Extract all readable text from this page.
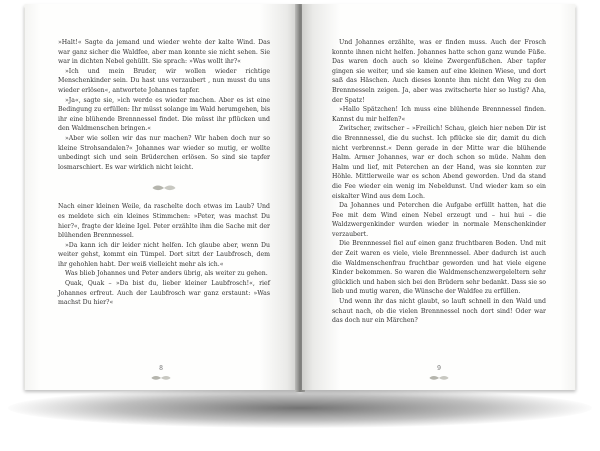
»Halt!« Sagte da jemand und wieder wehte der kalte Wind. Das war ganz sicher die Waldfee, aber man konnte sie nicht sehen. Sie war in dichten Nebel gehüllt. Sie sprach: »Was wollt ihr?«

»Ich und mein Bruder, wir wollen wieder richtige Menschenkinder sein. Du hast uns verzaubert , nun musst du uns wieder erlösen«, antwortete Johannes tapfer.

»Ja«, sagte sie, »ich werde es wieder machen. Aber es ist eine Bedingung zu erfüllen: Ihr müsst solange im Wald herumgehen, bis ihr eine blühende Brennnessel findet. Die müsst ihr pflücken und den Waldmenschen bringen.«

»Aber wie sollen wir das nur machen? Wir haben doch nur so kleine Strohsandalen?« Johannes war wieder so mutig, er wollte unbedingt sich und sein Brüderchen erlösen. So sind sie tapfer losmarschiert. Es war wirklich nicht leicht.

Nach einer kleinen Weile, da raschelte doch etwas im Laub? Und es meldete sich ein kleines Stimmchen: »Peter, was machst Du hier?«, fragte der kleine Igel. Peter erzählte ihm die Sache mit der blühenden Brennnessel.

»Da kann ich dir leider nicht helfen. Ich glaube aber, wenn Du weiter gehst, kommt ein Tümpel. Dort sitzt der Laubfrosch, dem ihr gehohlen habt. Der weiß vielleicht mehr als ich.«

Was blieb Johannes und Peter anders übrig, als weiter zu gehen.

Quak, Quak – »Da bist du, lieber kleiner Laubfrosch!«, rief Johannes erfreut. Auch der Laubfrosch war ganz erstaunt: »Was machst Du hier?«

8

Und Johannes erzählte, was er finden muss. Auch der Frosch konnte ihnen nicht helfen. Johannes hatte schon ganz wunde Füße. Das waren doch auch so kleine Zwergenfüßchen. Aber tapfer gingen sie weiter, und sie kamen auf eine kleinen Wiese, und dort saß das Häschen. Auch dieses konnte ihm nicht den Weg zu den Brennnesseln zeigen. Ja, aber was zwitscherte hier so lustig? Aha, der Spatz!

»Hallo Spätzchen! Ich muss eine blühende Brennnessel finden. Kannst du mir helfen?«

Zwitscher, zwitscher – »Freilich! Schau, gleich hier neben Dir ist die Brennnessel, die du suchst. Ich pflücke sie dir, damit du dich nicht verbrennst.« Denn gerade in der Mitte war die blühende Halm. Armer Johannes, war er doch schon so müde. Nahm den Halm und lief, mit Peterchen an der Hand, was sie konnten zur Höhle. Mittlerweile war es schon Abend geworden. Und da stand die Fee wieder ein wenig im Nebeldunst. Und wieder kam so ein eiskalter Wind aus dem Loch.

Da Johannes und Peterchen die Aufgabe erfüllt hatten, hat die Fee mit dem Wind einen Nebel erzeugt und – hui hui – die Waldzwergenkinder wurden wieder in normale Menschenkinder verzaubert.

Die Brennnessel fiel auf einen ganz fruchtbaren Boden. Und mit der Zeit waren es viele, viele Brennnessel. Aber dadurch ist auch die Waldmenschenfrau fruchtbar geworden und hat viele eigene Kinder bekommen. So waren die Waldmenschenzwergeleltern sehr glücklich und haben sich bei den Brüdern sehr bedankt. Dass sie so lieb und mutig waren, die Wünsche der Waldfee zu erfüllen.

Und wenn ihr das nicht glaubt, so lauft schnell in den Wald und schaut nach, ob die vielen Brennnessel noch dort sind! Oder war das doch nur ein Märchen?

9
